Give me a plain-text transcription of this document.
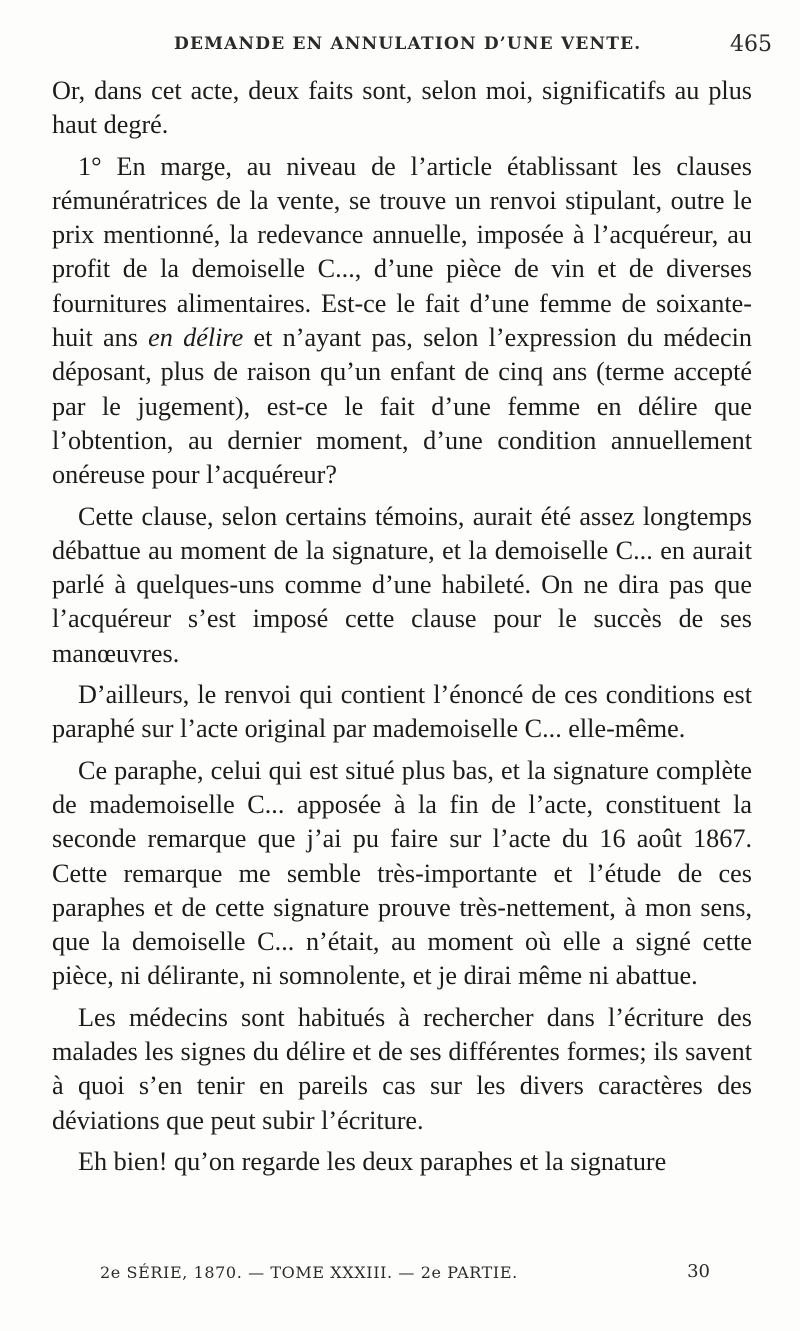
DEMANDE EN ANNULATION D’UNE VENTE.	465

Or, dans cet acte, deux faits sont, selon moi, significatifs au plus haut degré.

1° En marge, au niveau de l’article établissant les clauses rémunératrices de la vente, se trouve un renvoi stipulant, outre le prix mentionné, la redevance annuelle, imposée à l’acquéreur, au profit de la demoiselle C..., d’une pièce de vin et de diverses fournitures alimentaires. Est-ce le fait d’une femme de soixante-huit ans en délire et n’ayant pas, selon l’expression du médecin déposant, plus de raison qu’un enfant de cinq ans (terme accepté par le jugement), est-ce le fait d’une femme en délire que l’obtention, au dernier moment, d’une condition annuellement onéreuse pour l’acquéreur?

Cette clause, selon certains témoins, aurait été assez longtemps débattue au moment de la signature, et la demoiselle C... en aurait parlé à quelques-uns comme d’une habileté. On ne dira pas que l’acquéreur s’est imposé cette clause pour le succès de ses manœuvres.

D’ailleurs, le renvoi qui contient l’énoncé de ces conditions est paraphé sur l’acte original par mademoiselle C... elle-même.

Ce paraphe, celui qui est situé plus bas, et la signature complète de mademoiselle C... apposée à la fin de l’acte, constituent la seconde remarque que j’ai pu faire sur l’acte du 16 août 1867. Cette remarque me semble très-importante et l’étude de ces paraphes et de cette signature prouve très-nettement, à mon sens, que la demoiselle C... n’était, au moment où elle a signé cette pièce, ni délirante, ni somnolente, et je dirai même ni abattue.

Les médecins sont habitués à rechercher dans l’écriture des malades les signes du délire et de ses différentes formes; ils savent à quoi s’en tenir en pareils cas sur les divers caractères des déviations que peut subir l’écriture.

Eh bien! qu’on regarde les deux paraphes et la signature

2e SÉRIE, 1870. — TOME XXXIII. — 2e PARTIE.	30
